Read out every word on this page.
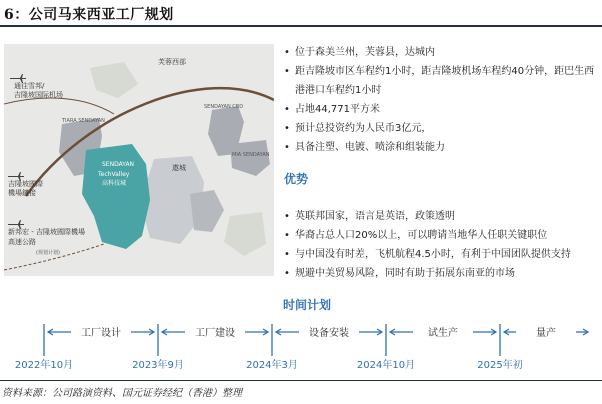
6：公司马来西亚工厂规划
芙蓉西部
通往雪邦/
吉隆坡国际机场
TIARA SENDAYAN
SENDAYAN CBD
MIA SENDAYAN
SENDAYAN
TechValley
高科技城
遨城
吉隆坡國際
機場鏈接
新邦宏 - 吉隆坡國際機場
高速公路
(规划计划)
• 位于森美兰州，芙蓉县，达城内
• 距吉隆坡市区车程约1小时，距吉隆坡机场车程约40分钟，距巴生西港港口车程约1小时
• 占地44,771平方米
• 预计总投资约为人民币3亿元，
• 具备注塑、电镀、喷涂和组装能力
优势
• 英联邦国家，语言是英语，政策透明
• 华裔占总人口20%以上，可以聘请当地华人任职关键职位
• 与中国没有时差，飞机航程4.5小时，有利于中国团队提供支持
• 规避中美贸易风险，同时有助于拓展东南亚的市场
时间计划
工厂设计	工厂建设	设备安装	试生产	量产
2022年10月	2023年9月	2024年3月	2024年10月	2025年初
资料来源：公司路演资料、国元证券经纪（香港）整理
